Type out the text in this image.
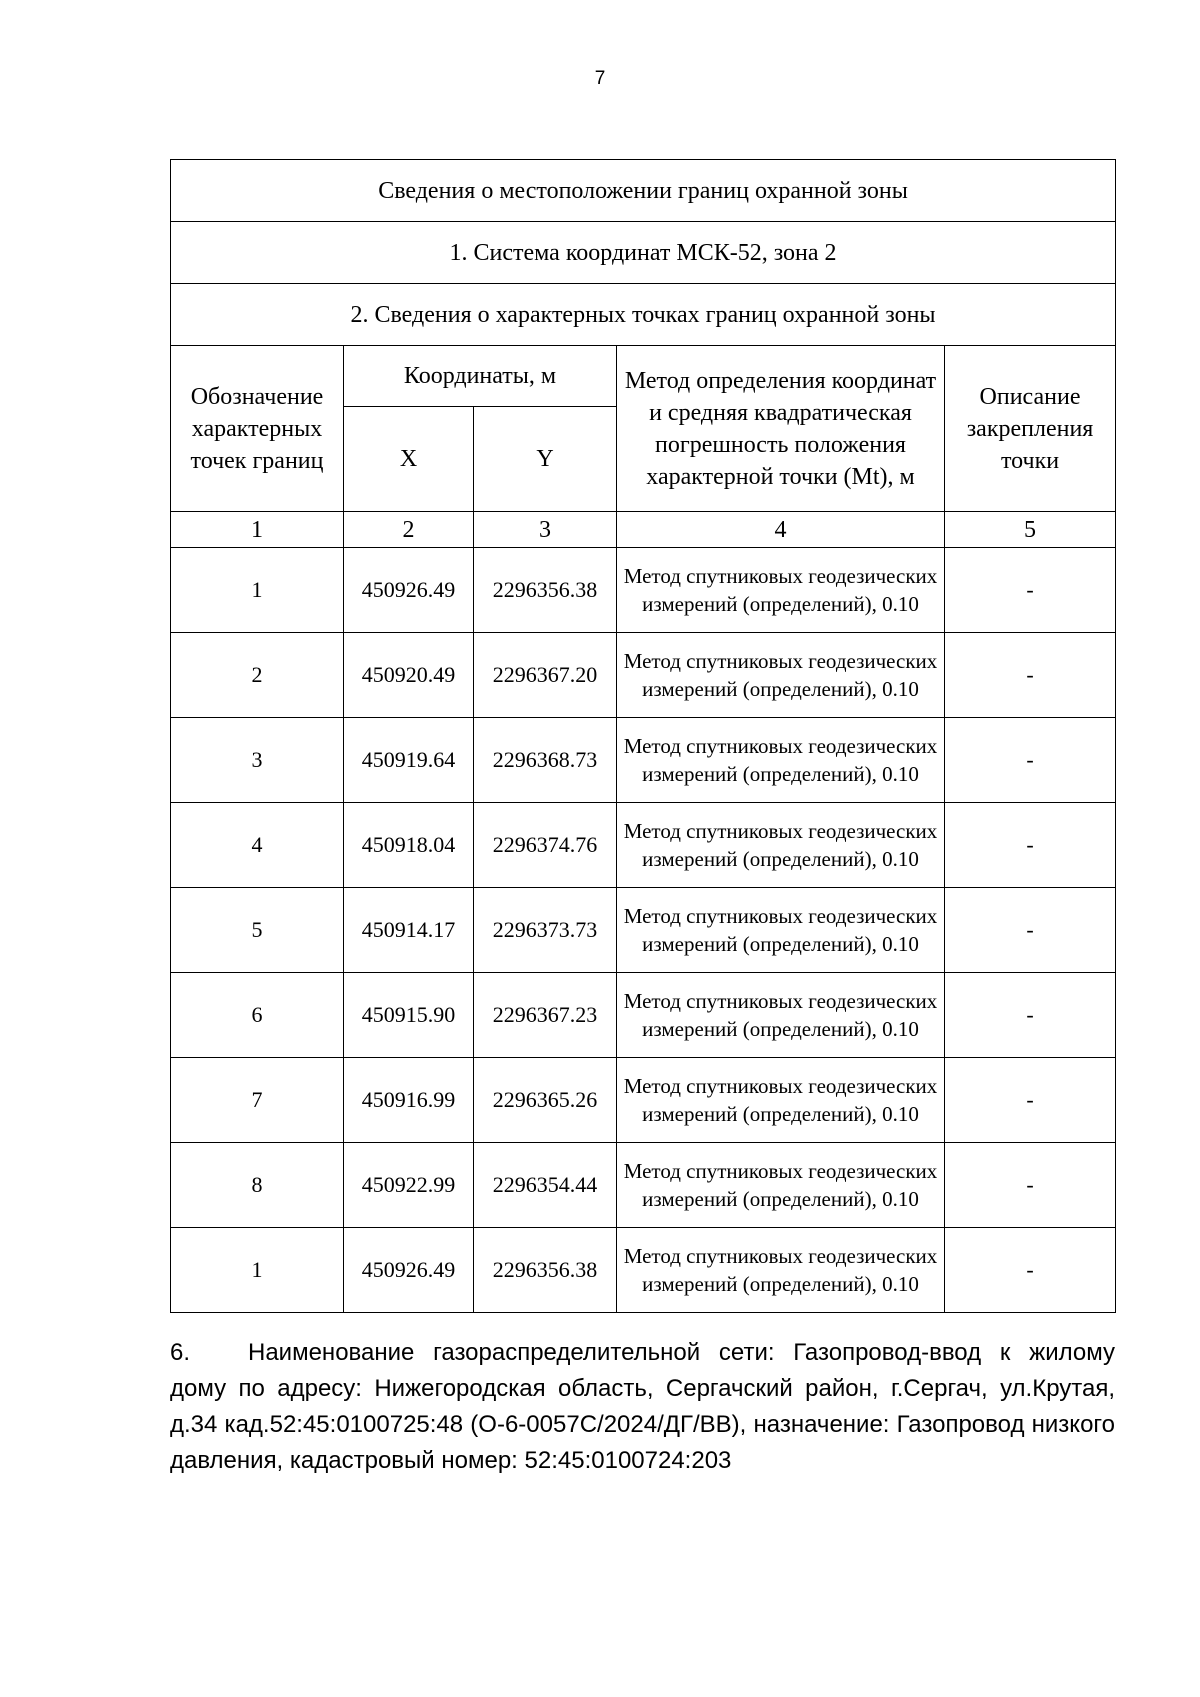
7
Сведения о местоположении границ охранной зоны				
1. Система координат МСК-52, зона 2				
2. Сведения о характерных точках границ охранной зоны				
Обозначение характерных точек границ	Координаты, м		Метод определения координат и средняя квадратическая погрешность положения характерной точки (Mt), м	Описание закрепления точки
	X	Y		
1	2	3	4	5
1	450926.49	2296356.38	Метод спутниковых геодезических измерений (определений), 0.10	-
2	450920.49	2296367.20	Метод спутниковых геодезических измерений (определений), 0.10	-
3	450919.64	2296368.73	Метод спутниковых геодезических измерений (определений), 0.10	-
4	450918.04	2296374.76	Метод спутниковых геодезических измерений (определений), 0.10	-
5	450914.17	2296373.73	Метод спутниковых геодезических измерений (определений), 0.10	-
6	450915.90	2296367.23	Метод спутниковых геодезических измерений (определений), 0.10	-
7	450916.99	2296365.26	Метод спутниковых геодезических измерений (определений), 0.10	-
8	450922.99	2296354.44	Метод спутниковых геодезических измерений (определений), 0.10	-
1	450926.49	2296356.38	Метод спутниковых геодезических измерений (определений), 0.10	-
6. Наименование газораспределительной сети: Газопровод-ввод к жилому дому по адресу: Нижегородская область, Сергачский район, г.Сергач, ул.Крутая, д.34 кад.52:45:0100725:48 (О-6-0057С/2024/ДГ/ВВ), назначение: Газопровод низкого давления, кадастровый номер: 52:45:0100724:203
